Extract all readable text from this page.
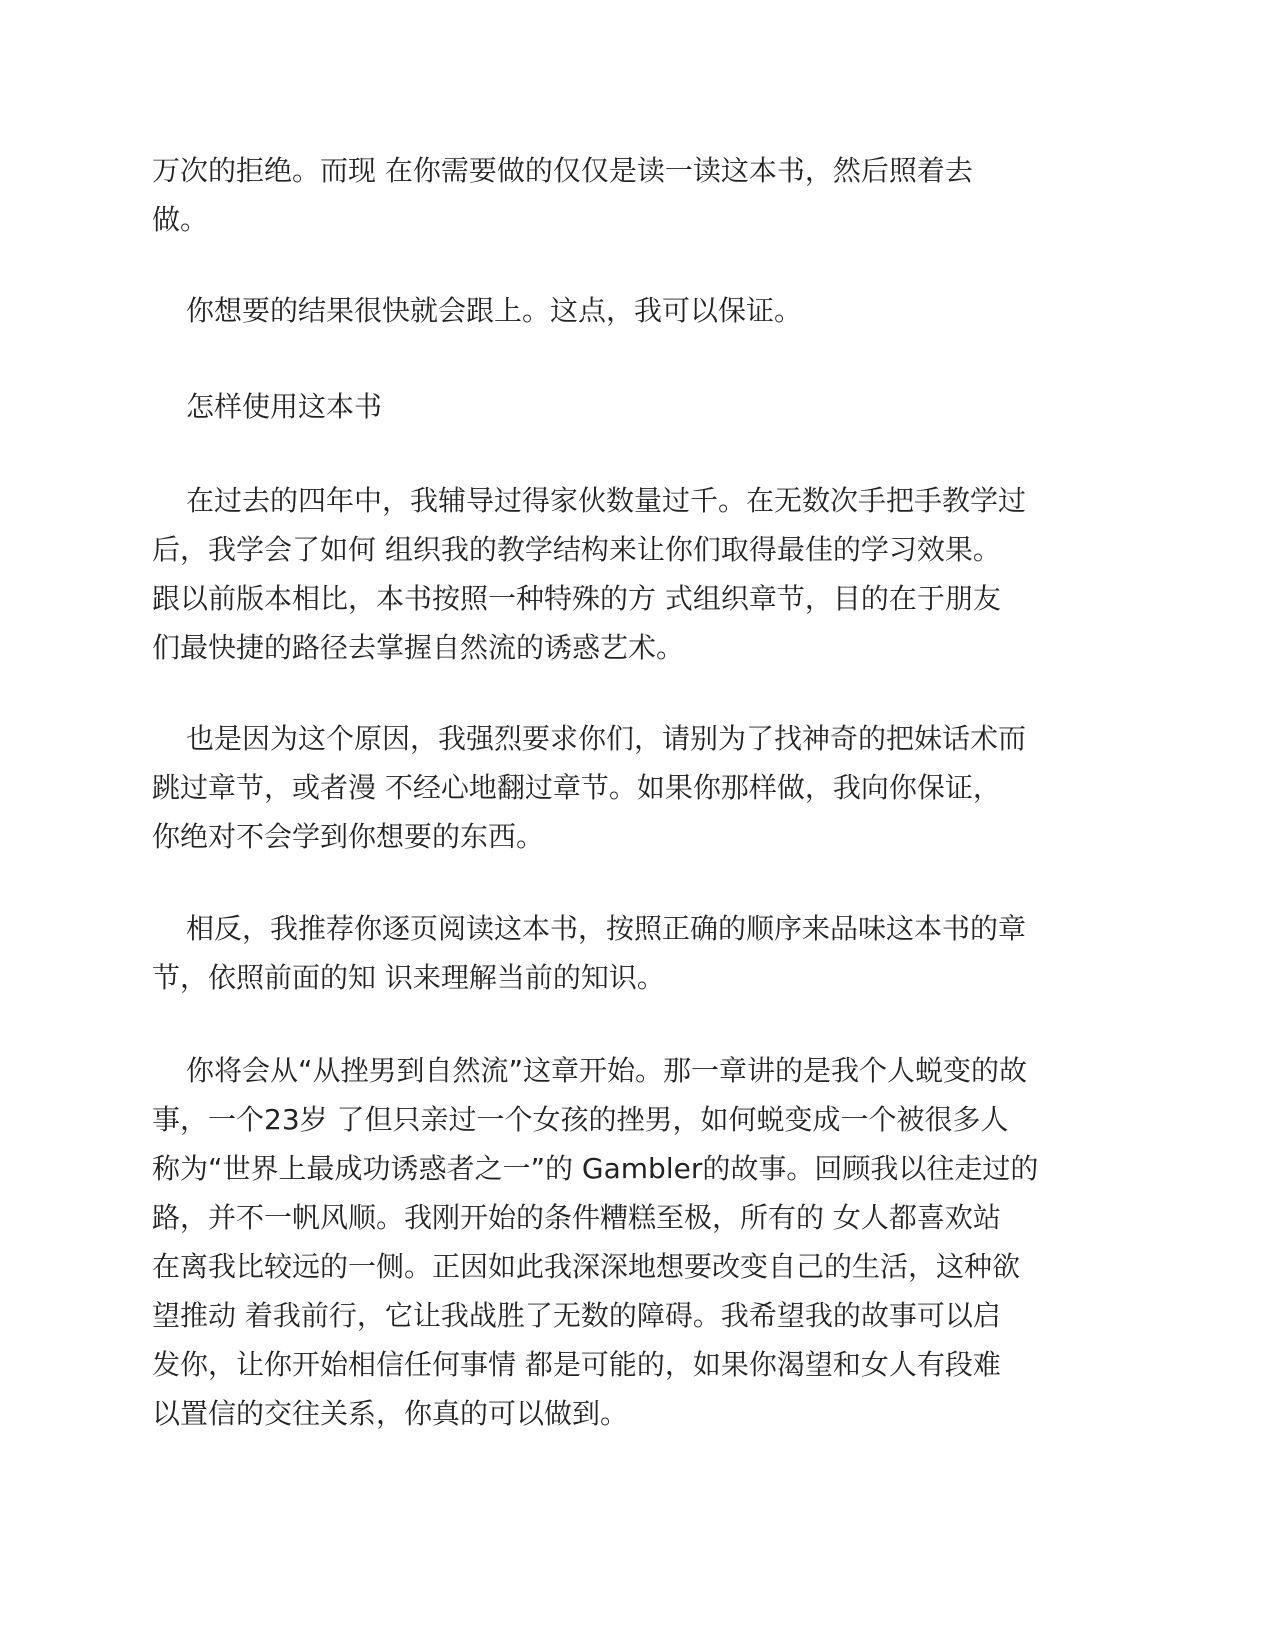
万次的拒绝。而现 在你需要做的仅仅是读一读这本书，然后照着去
做。

你想要的结果很快就会跟上。这点，我可以保证。

怎样使用这本书

在过去的四年中，我辅导过得家伙数量过千。在无数次手把手教学过
后，我学会了如何 组织我的教学结构来让你们取得最佳的学习效果。
跟以前版本相比，本书按照一种特殊的方 式组织章节，目的在于朋友
们最快捷的路径去掌握自然流的诱惑艺术。

也是因为这个原因，我强烈要求你们，请别为了找神奇的把妹话术而
跳过章节，或者漫 不经心地翻过章节。如果你那样做，我向你保证，
你绝对不会学到你想要的东西。

相反，我推荐你逐页阅读这本书，按照正确的顺序来品味这本书的章
节，依照前面的知 识来理解当前的知识。

你将会从“从挫男到自然流”这章开始。那一章讲的是我个人蜕变的故
事，一个23岁 了但只亲过一个女孩的挫男，如何蜕变成一个被很多人
称为“世界上最成功诱惑者之一”的 Gambler的故事。回顾我以往走过的
路，并不一帆风顺。我刚开始的条件糟糕至极，所有的 女人都喜欢站
在离我比较远的一侧。正因如此我深深地想要改变自己的生活，这种欲
望推动 着我前行，它让我战胜了无数的障碍。我希望我的故事可以启
发你，让你开始相信任何事情 都是可能的，如果你渴望和女人有段难
以置信的交往关系，你真的可以做到。
